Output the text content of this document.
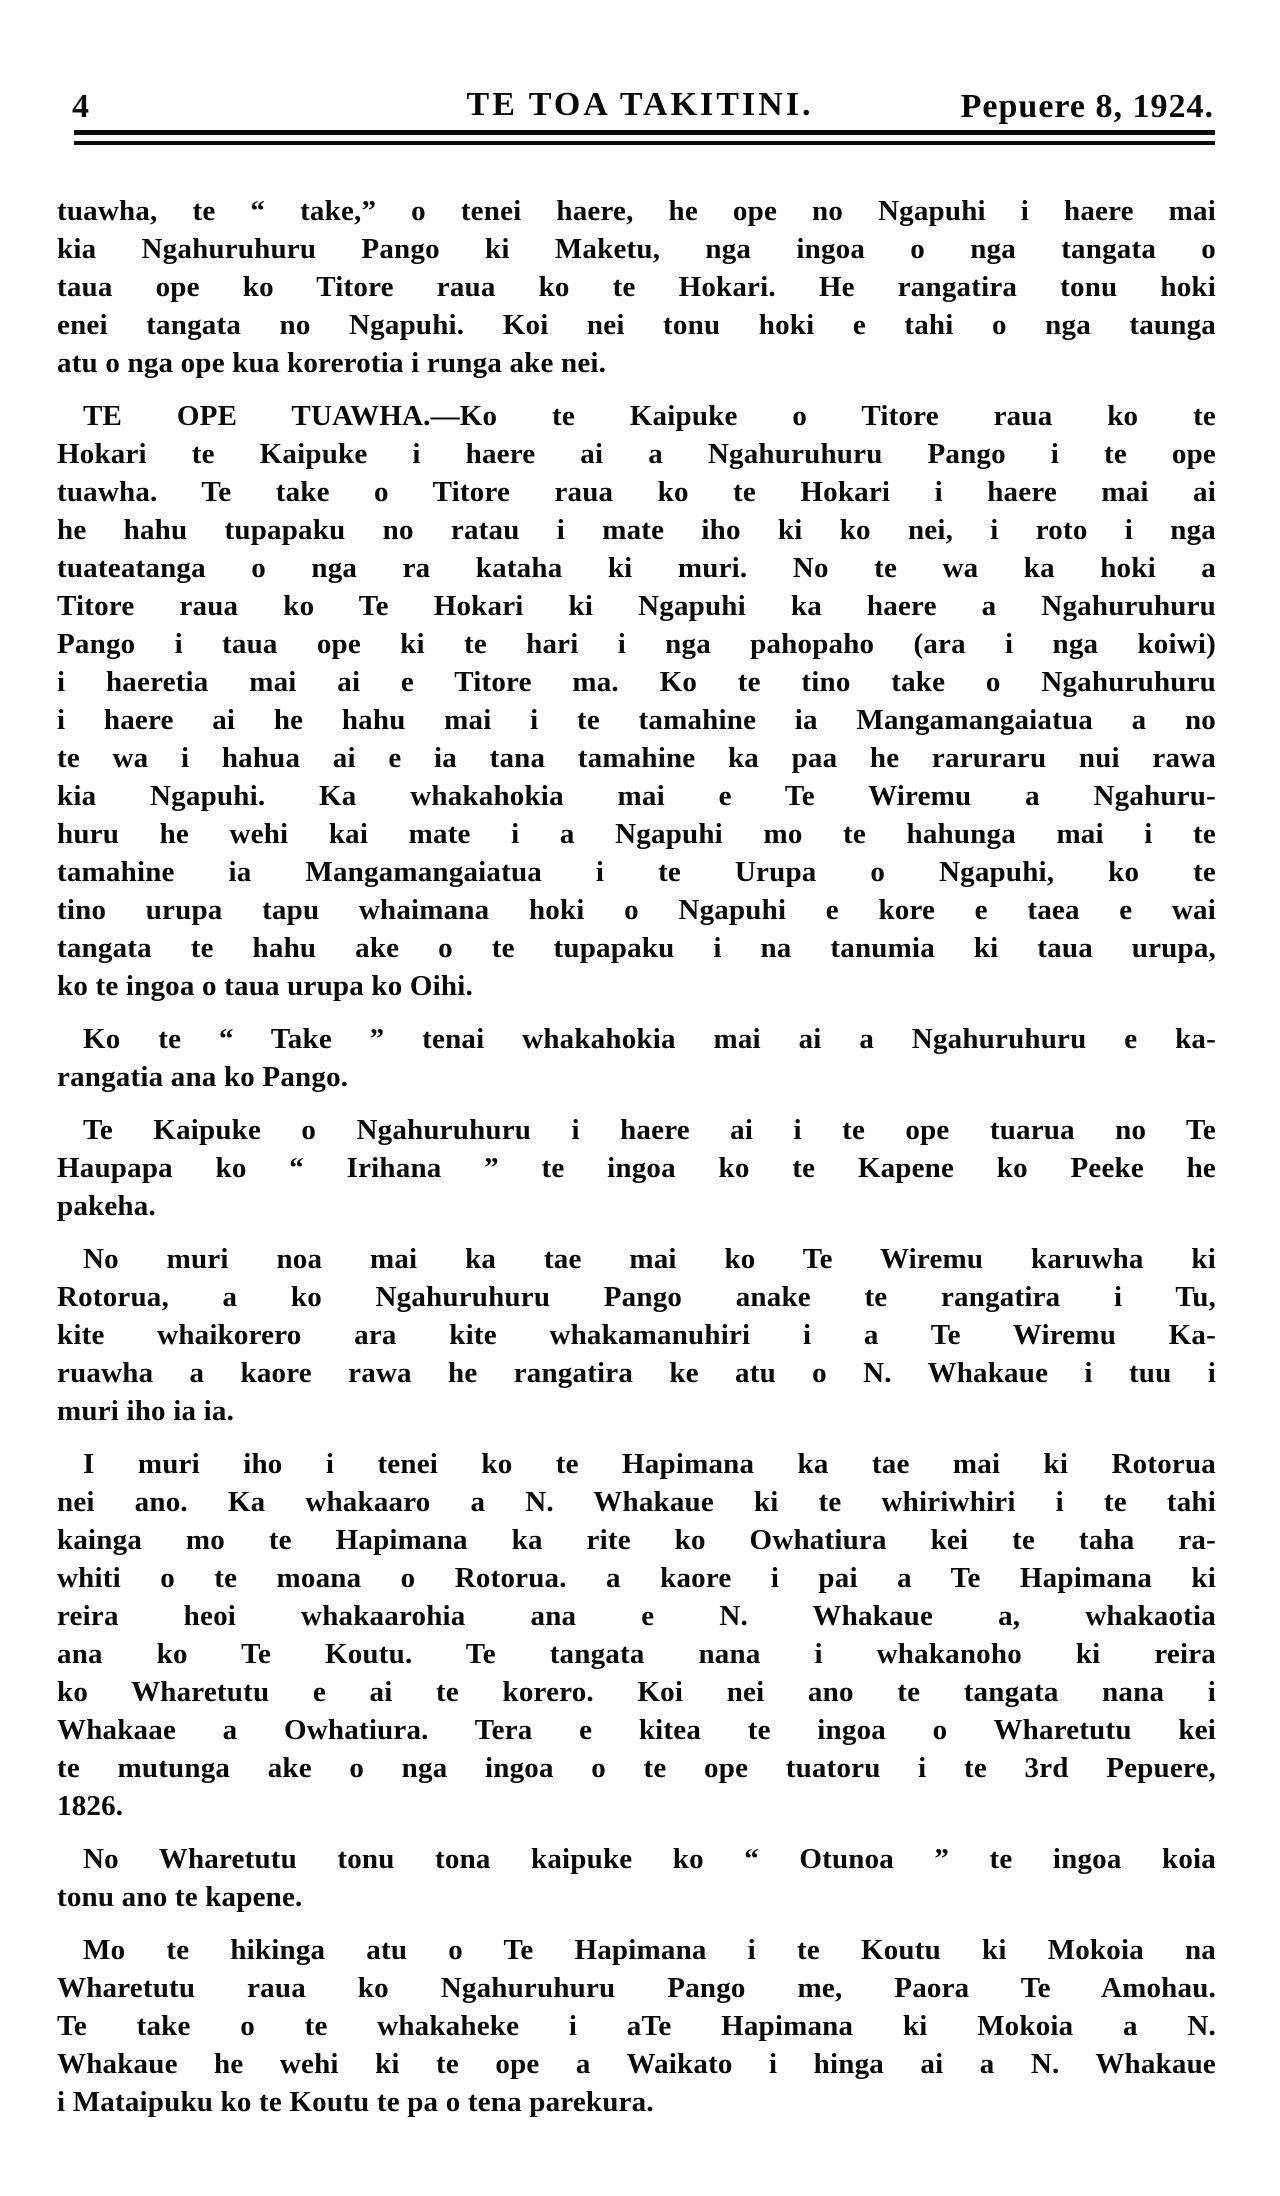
4	TE TOA TAKITINI.	Pepuere 8, 1924.
tuawha, te “ take,” o tenei haere, he ope no Ngapuhi i haere mai
kia Ngahuruhuru Pango ki Maketu, nga ingoa o nga tangata o
taua ope ko Titore raua ko te Hokari. He rangatira tonu hoki
enei tangata no Ngapuhi. Koi nei tonu hoki e tahi o nga taunga
atu o nga ope kua korerotia i runga ake nei.
TE OPE TUAWHA.—Ko te Kaipuke o Titore raua ko te
Hokari te Kaipuke i haere ai a Ngahuruhuru Pango i te ope
tuawha. Te take o Titore raua ko te Hokari i haere mai ai
he hahu tupapaku no ratau i mate iho ki ko nei, i roto i nga
tuateatanga o nga ra kataha ki muri. No te wa ka hoki a
Titore raua ko Te Hokari ki Ngapuhi ka haere a Ngahuruhuru
Pango i taua ope ki te hari i nga pahopaho (ara i nga koiwi)
i haeretia mai ai e Titore ma. Ko te tino take o Ngahuruhuru
i haere ai he hahu mai i te tamahine ia Mangamangaiatua a no
te wa i hahua ai e ia tana tamahine ka paa he raruraru nui rawa
kia Ngapuhi. Ka whakahokia mai e Te Wiremu a Ngahuru-
huru he wehi kai mate i a Ngapuhi mo te hahunga mai i te
tamahine ia Mangamangaiatua i te Urupa o Ngapuhi, ko te
tino urupa tapu whaimana hoki o Ngapuhi e kore e taea e wai
tangata te hahu ake o te tupapaku i na tanumia ki taua urupa,
ko te ingoa o taua urupa ko Oihi.
Ko te “ Take ” tenai whakahokia mai ai a Ngahuruhuru e ka-
rangatia ana ko Pango.
Te Kaipuke o Ngahuruhuru i haere ai i te ope tuarua no Te
Haupapa ko “ Irihana ” te ingoa ko te Kapene ko Peeke he
pakeha.
No muri noa mai ka tae mai ko Te Wiremu karuwha ki
Rotorua, a ko Ngahuruhuru Pango anake te rangatira i Tu,
kite whaikorero ara kite whakamanuhiri i a Te Wiremu Ka-
ruawha a kaore rawa he rangatira ke atu o N. Whakaue i tuu i
muri iho ia ia.
I muri iho i tenei ko te Hapimana ka tae mai ki Rotorua
nei ano. Ka whakaaro a N. Whakaue ki te whiriwhiri i te tahi
kainga mo te Hapimana ka rite ko Owhatiura kei te taha ra-
whiti o te moana o Rotorua. a kaore i pai a Te Hapimana ki
reira heoi whakaarohia ana e N. Whakaue a, whakaotia
ana ko Te Koutu. Te tangata nana i whakanoho ki reira
ko Wharetutu e ai te korero. Koi nei ano te tangata nana i
Whakaae a Owhatiura. Tera e kitea te ingoa o Wharetutu kei
te mutunga ake o nga ingoa o te ope tuatoru i te 3rd Pepuere,
1826.
No Wharetutu tonu tona kaipuke ko “ Otunoa ” te ingoa koia
tonu ano te kapene.
Mo te hikinga atu o Te Hapimana i te Koutu ki Mokoia na
Wharetutu raua ko Ngahuruhuru Pango me, Paora Te Amohau.
Te take o te whakaheke i aTe Hapimana ki Mokoia a N.
Whakaue he wehi ki te ope a Waikato i hinga ai a N. Whakaue
i Mataipuku ko te Koutu te pa o tena parekura.
